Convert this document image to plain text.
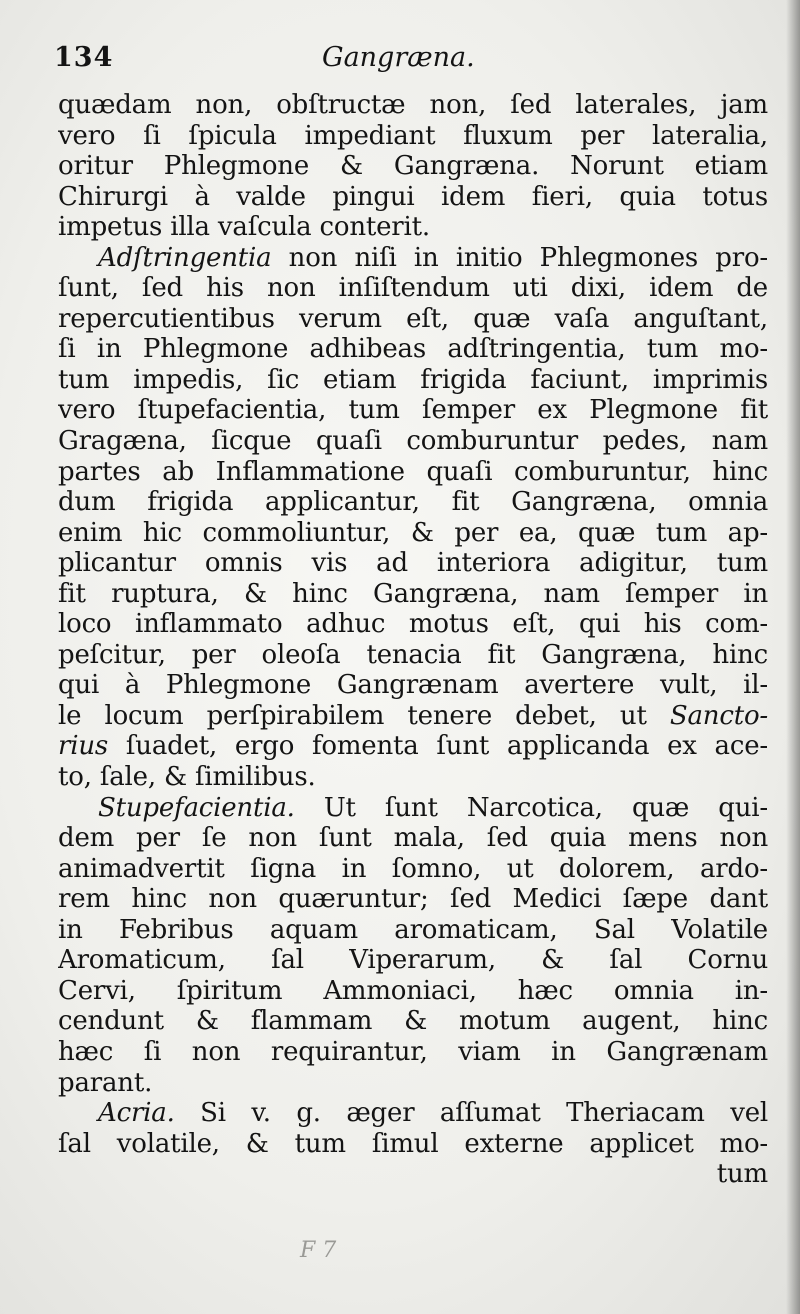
134	Gangræna.
quædam non, obſtructæ non, ſed laterales, jam
vero ſi ſpicula impediant fluxum per lateralia,
oritur Phlegmone & Gangræna. Norunt etiam
Chirurgi à valde pingui idem fieri, quia totus
impetus illa vaſcula conterit.
Adſtringentia non niſi in initio Phlegmones pro-
ſunt, ſed his non inſiſtendum uti dixi, idem de
repercutientibus verum eſt, quæ vaſa anguſtant,
ſi in Phlegmone adhibeas adſtringentia, tum mo-
tum impedis, ſic etiam frigida faciunt, imprimis
vero ſtupefacientia, tum ſemper ex Plegmone fit
Gragæna, ſicque quaſi comburuntur pedes, nam
partes ab Inflammatione quaſi comburuntur, hinc
dum frigida applicantur, fit Gangræna, omnia
enim hic commoliuntur, & per ea, quæ tum ap-
plicantur omnis vis ad interiora adigitur, tum
fit ruptura, & hinc Gangræna, nam ſemper in
loco inflammato adhuc motus eſt, qui his com-
peſcitur, per oleoſa tenacia fit Gangræna, hinc
qui à Phlegmone Gangrænam avertere vult, il-
le locum perſpirabilem tenere debet, ut Sancto-
rius ſuadet, ergo fomenta ſunt applicanda ex ace-
to, ſale, & ſimilibus.
Stupefacientia. Ut ſunt Narcotica, quæ qui-
dem per ſe non ſunt mala, ſed quia mens non
animadvertit ſigna in ſomno, ut dolorem, ardo-
rem hinc non quæruntur; ſed Medici ſæpe dant
in Febribus aquam aromaticam, Sal Volatile
Aromaticum, ſal Viperarum, & ſal Cornu
Cervi, ſpiritum Ammoniaci, hæc omnia in-
cendunt & flammam & motum augent, hinc
hæc ſi non requirantur, viam in Gangrænam
parant.
Acria. Si v. g. æger aſſumat Theriacam vel
ſal volatile, & tum ſimul externe applicet mo-
tum
F 7
